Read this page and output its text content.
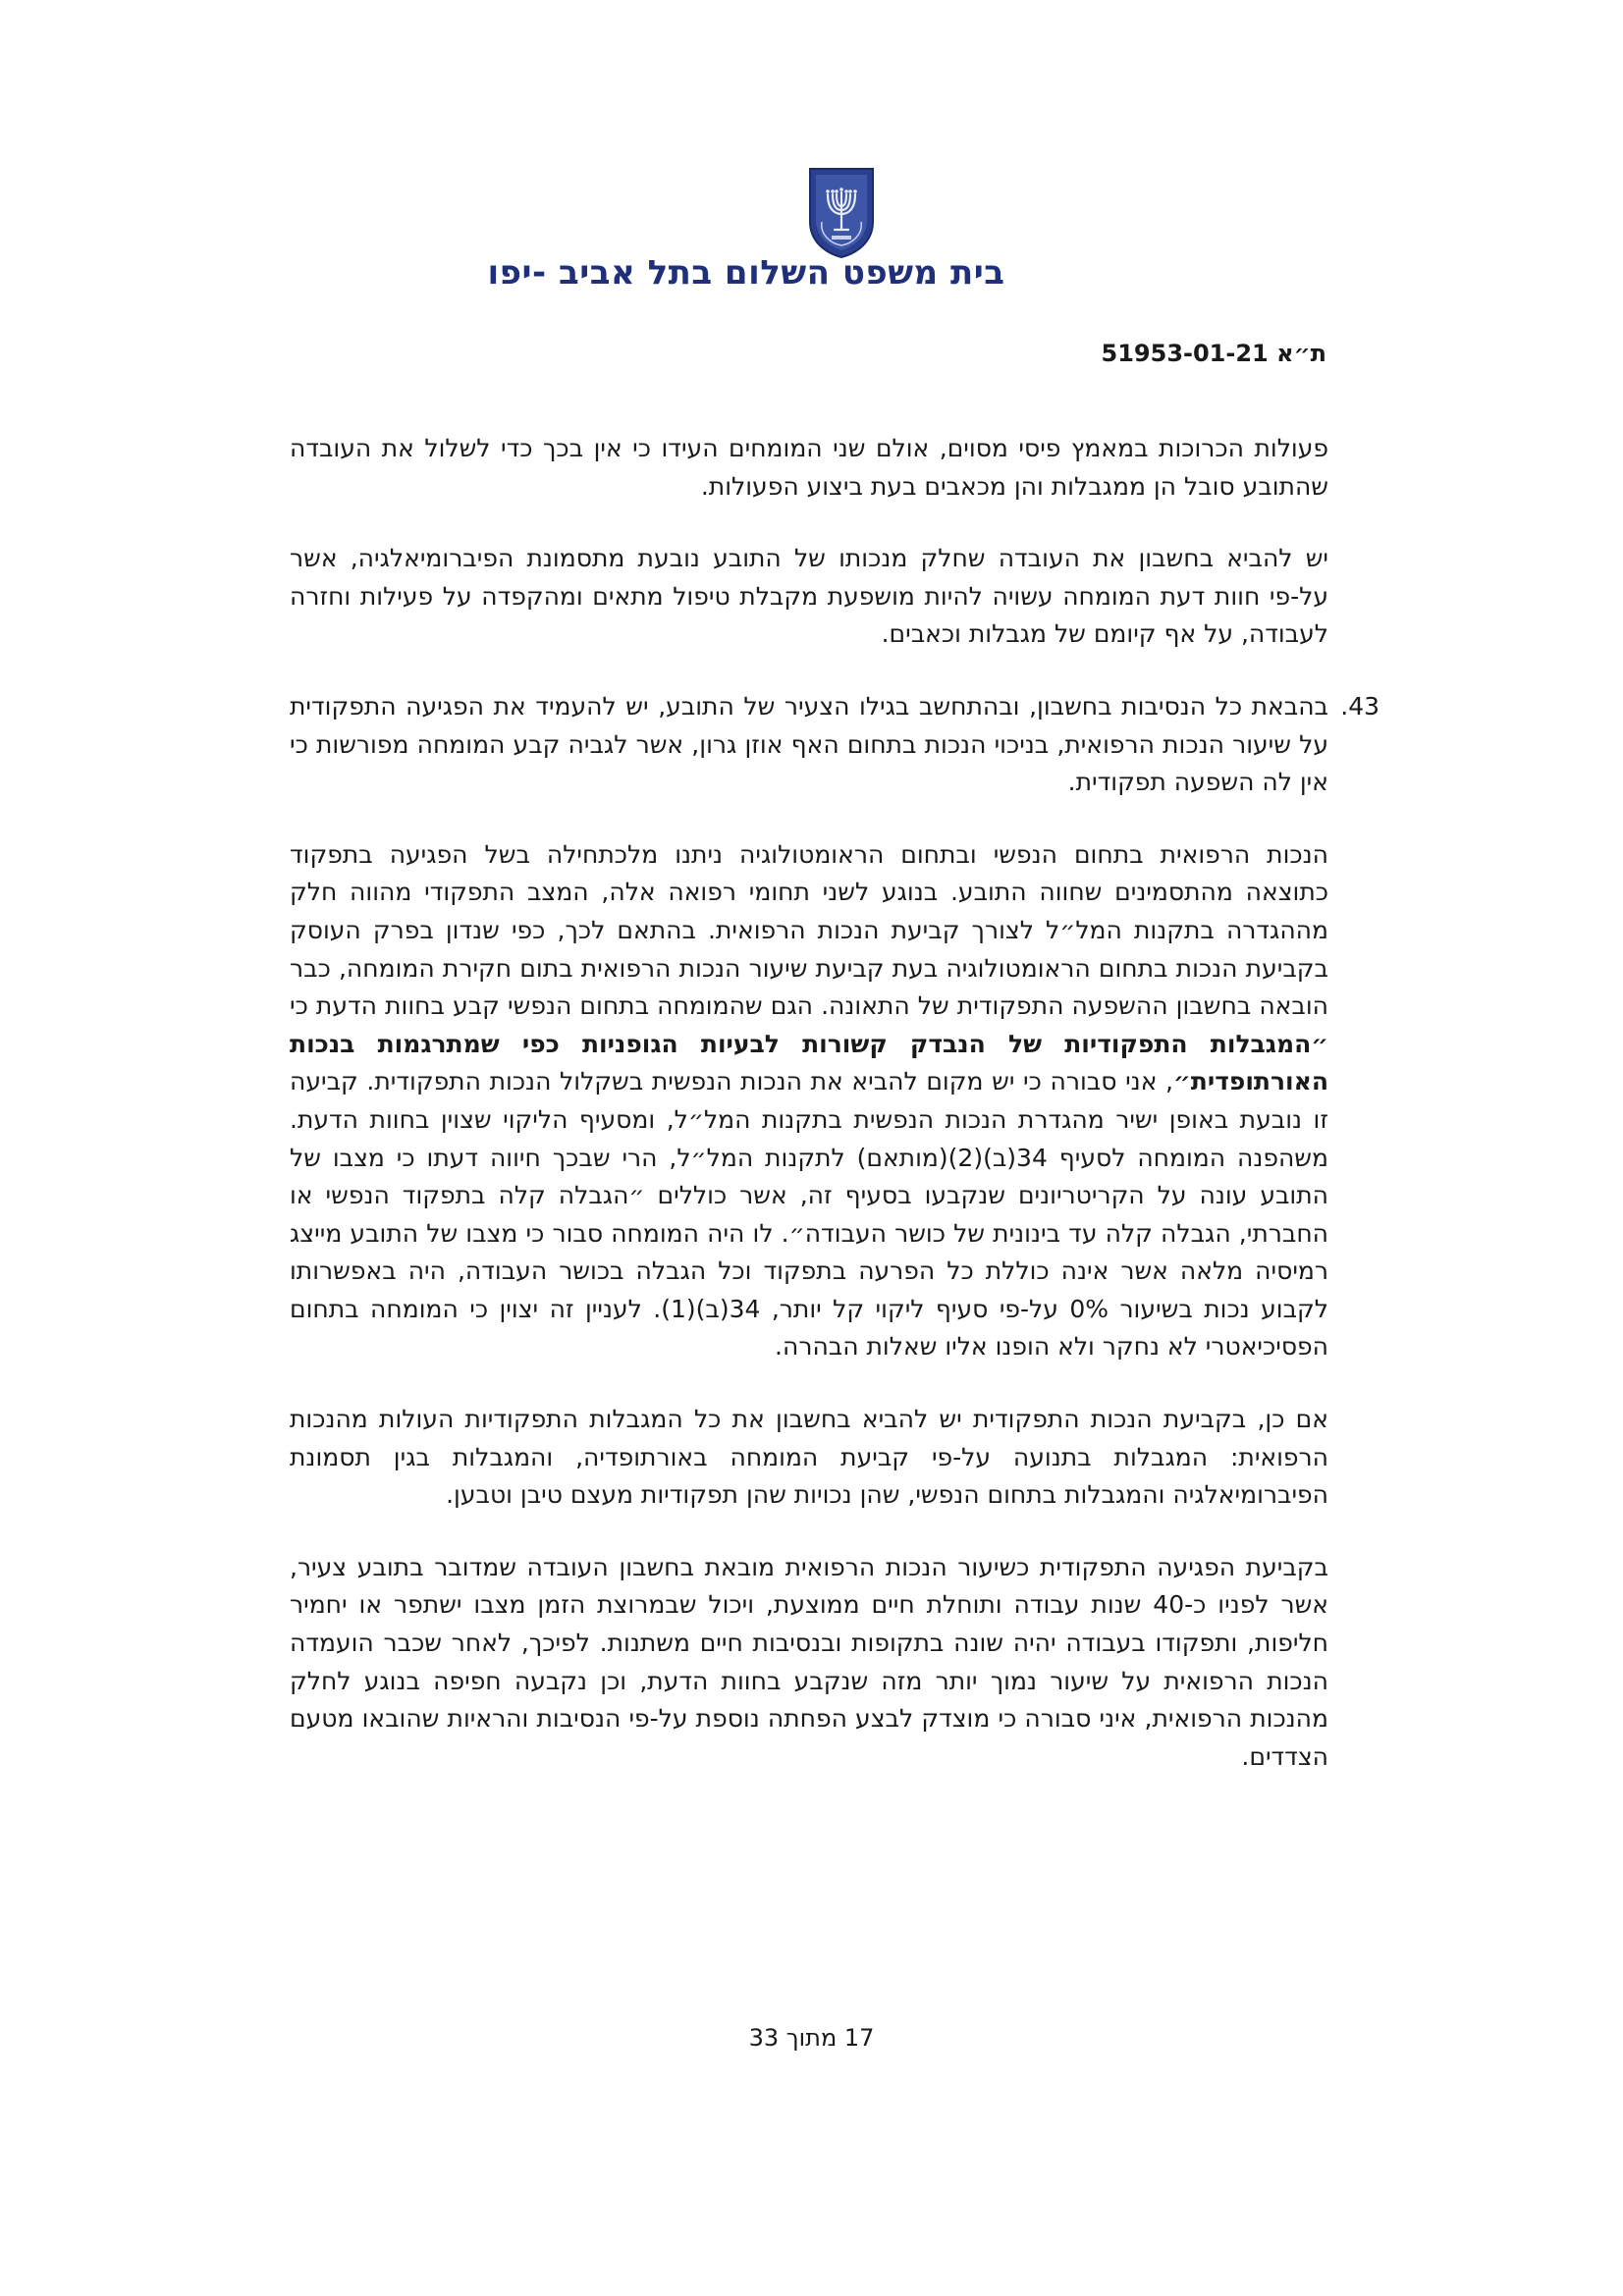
בית משפט השלום בתל אביב -יפו
ת״א 51953-01-21

פעולות הכרוכות במאמץ פיסי מסוים, אולם שני המומחים העידו כי אין בכך כדי לשלול את העובדה שהתובע סובל הן ממגבלות והן מכאבים בעת ביצוע הפעולות.

יש להביא בחשבון את העובדה שחלק מנכותו של התובע נובעת מתסמונת הפיברומיאלגיה, אשר על-פי חוות דעת המומחה עשויה להיות מושפעת מקבלת טיפול מתאים ומהקפדה על פעילות וחזרה לעבודה, על אף קיומם של מגבלות וכאבים.

43.
בהבאת כל הנסיבות בחשבון, ובהתחשב בגילו הצעיר של התובע, יש להעמיד את הפגיעה התפקודית על שיעור הנכות הרפואית, בניכוי הנכות בתחום האף אוזן גרון, אשר לגביה קבע המומחה מפורשות כי אין לה השפעה תפקודית.

הנכות הרפואית בתחום הנפשי ובתחום הראומטולוגיה ניתנו מלכתחילה בשל הפגיעה בתפקוד כתוצאה מהתסמינים שחווה התובע. בנוגע לשני תחומי רפואה אלה, המצב התפקודי מהווה חלק מההגדרה בתקנות המל״ל לצורך קביעת הנכות הרפואית. בהתאם לכך, כפי שנדון בפרק העוסק בקביעת הנכות בתחום הראומטולוגיה בעת קביעת שיעור הנכות הרפואית בתום חקירת המומחה, כבר הובאה בחשבון ההשפעה התפקודית של התאונה. הגם שהמומחה בתחום הנפשי קבע בחוות הדעת כי ״המגבלות התפקודיות של הנבדק קשורות לבעיות הגופניות כפי שמתרגמות בנכות האורתופדית״, אני סבורה כי יש מקום להביא את הנכות הנפשית בשקלול הנכות התפקודית. קביעה זו נובעת באופן ישיר מהגדרת הנכות הנפשית בתקנות המל״ל, ומסעיף הליקוי שצוין בחוות הדעת. משהפנה המומחה לסעיף 34(ב)(2)(מותאם) לתקנות המל״ל, הרי שבכך חיווה דעתו כי מצבו של התובע עונה על הקריטריונים שנקבעו בסעיף זה, אשר כוללים ״הגבלה קלה בתפקוד הנפשי או החברתי, הגבלה קלה עד בינונית של כושר העבודה״. לו היה המומחה סבור כי מצבו של התובע מייצג רמיסיה מלאה אשר אינה כוללת כל הפרעה בתפקוד וכל הגבלה בכושר העבודה, היה באפשרותו לקבוע נכות בשיעור 0% על-פי סעיף ליקוי קל יותר, 34(ב)(1). לעניין זה יצוין כי המומחה בתחום הפסיכיאטרי לא נחקר ולא הופנו אליו שאלות הבהרה.

אם כן, בקביעת הנכות התפקודית יש להביא בחשבון את כל המגבלות התפקודיות העולות מהנכות הרפואית: המגבלות בתנועה על-פי קביעת המומחה באורתופדיה, והמגבלות בגין תסמונת הפיברומיאלגיה והמגבלות בתחום הנפשי, שהן נכויות שהן תפקודיות מעצם טיבן וטבען.

בקביעת הפגיעה התפקודית כשיעור הנכות הרפואית מובאת בחשבון העובדה שמדובר בתובע צעיר, אשר לפניו כ-40 שנות עבודה ותוחלת חיים ממוצעת, ויכול שבמרוצת הזמן מצבו ישתפר או יחמיר חליפות, ותפקודו בעבודה יהיה שונה בתקופות ובנסיבות חיים משתנות. לפיכך, לאחר שכבר הועמדה הנכות הרפואית על שיעור נמוך יותר מזה שנקבע בחוות הדעת, וכן נקבעה חפיפה בנוגע לחלק מהנכות הרפואית, איני סבורה כי מוצדק לבצע הפחתה נוספת על-פי הנסיבות והראיות שהובאו מטעם הצדדים.

17 מתוך 33
